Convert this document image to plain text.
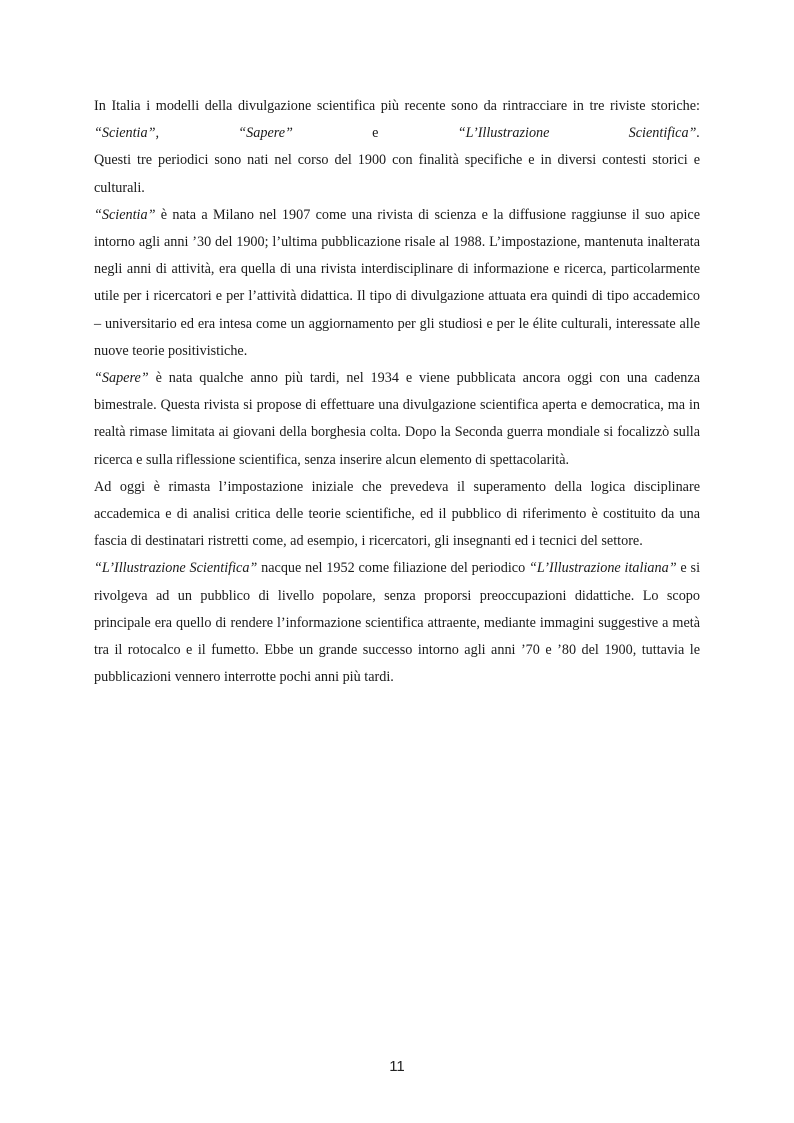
In Italia i modelli della divulgazione scientifica più recente sono da rintracciare in tre riviste storiche: “Scientia”, “Sapere” e “L’Illustrazione Scientifica”.

Questi tre periodici sono nati nel corso del 1900 con finalità specifiche e in diversi contesti storici e culturali.

“Scientia” è nata a Milano nel 1907 come una rivista di scienza e la diffusione raggiunse il suo apice intorno agli anni ’30 del 1900; l’ultima pubblicazione risale al 1988. L’impostazione, mantenuta inalterata negli anni di attività, era quella di una rivista interdisciplinare di informazione e ricerca, particolarmente utile per i ricercatori e per l’attività didattica. Il tipo di divulgazione attuata era quindi di tipo accademico – universitario ed era intesa come un aggiornamento per gli studiosi e per le élite culturali, interessate alle nuove teorie positivistiche.

“Sapere” è nata qualche anno più tardi, nel 1934 e viene pubblicata ancora oggi con una cadenza bimestrale. Questa rivista si propose di effettuare una divulgazione scientifica aperta e democratica, ma in realtà rimase limitata ai giovani della borghesia colta. Dopo la Seconda guerra mondiale si focalizzò sulla ricerca e sulla riflessione scientifica, senza inserire alcun elemento di spettacolarità.

Ad oggi è rimasta l’impostazione iniziale che prevedeva il superamento della logica disciplinare accademica e di analisi critica delle teorie scientifiche, ed il pubblico di riferimento è costituito da una fascia di destinatari ristretti come, ad esempio, i ricercatori, gli insegnanti ed i tecnici del settore.

“L’Illustrazione Scientifica” nacque nel 1952 come filiazione del periodico “L’Illustrazione italiana” e si rivolgeva ad un pubblico di livello popolare, senza proporsi preoccupazioni didattiche. Lo scopo principale era quello di rendere l’informazione scientifica attraente, mediante immagini suggestive a metà tra il rotocalco e il fumetto. Ebbe un grande successo intorno agli anni ’70 e ’80 del 1900, tuttavia le pubblicazioni vennero interrotte pochi anni più tardi.

11
